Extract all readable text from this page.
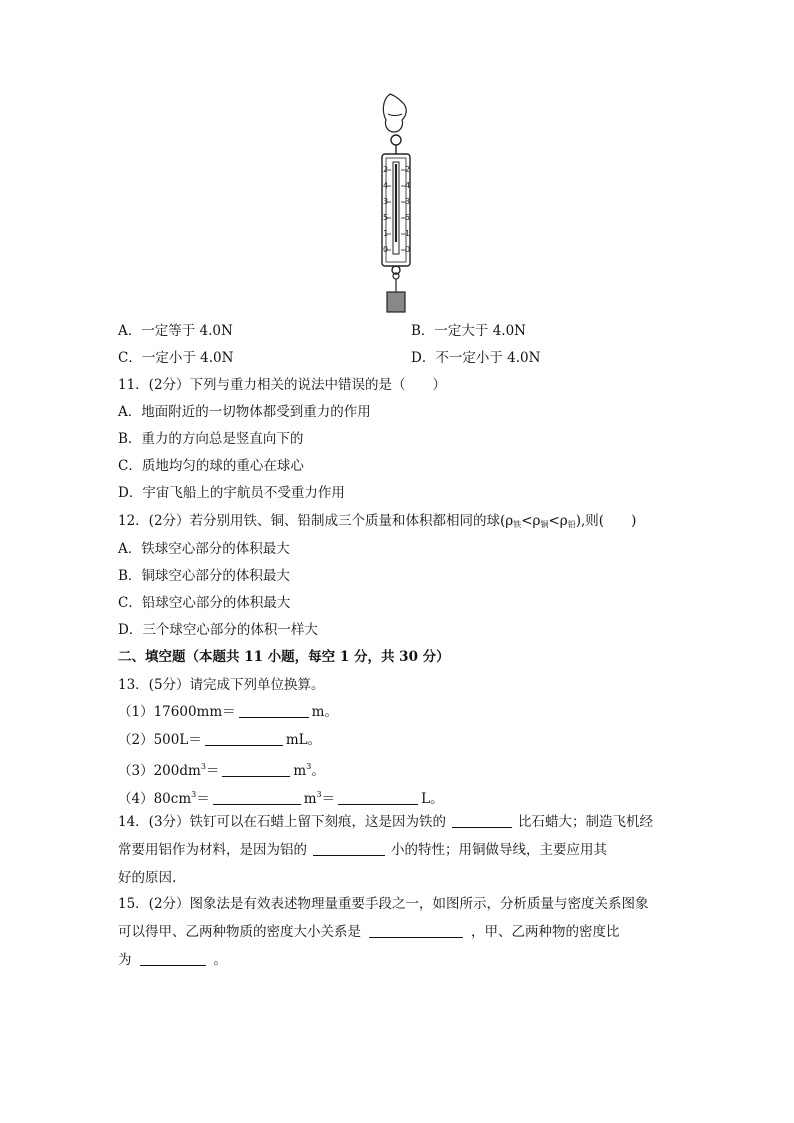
2 2
4 4
3 3
5 5
1 1
0 0
A．一定等于 4.0N	B．一定大于 4.0N
C．一定小于 4.0N	D．不一定小于 4.0N
11．(2分）下列与重力相关的说法中错误的是（　　）
A．地面附近的一切物体都受到重力的作用
B．重力的方向总是竖直向下的
C．质地均匀的球的重心在球心
D．宇宙飞船上的宇航员不受重力作用
12．(2分）若分别用铁、铜、铅制成三个质量和体积都相同的球$(\rho_铁<\rho_铜<\rho_铅)$,则(　　)
A．铁球空心部分的体积最大
B．铜球空心部分的体积最大
C．铅球空心部分的体积最大
D．三个球空心部分的体积一样大
二、填空题（本题共 11 小题，每空 1 分，共 30 分）
13．(5分）请完成下列单位换算。
（1）17600mm＝	m。
（2）500L＝	mL。
$(3)200dm^3=$	$m^3$。
$(4)80cm^3=$	$m^3=$	L。
14．(3分）铁钉可以在石蜡上留下刻痕，这是因为铁的	比石蜡大；制造飞机经
常要用铝作为材料，是因为铝的	小的特性；用铜做导线，主要应用其
好的原因.
15．(2分）图象法是有效表述物理量重要手段之一，如图所示，分析质量与密度关系图象
可以得甲、乙两种物质的密度大小关系是	，甲、乙两种物的密度比
为	。
